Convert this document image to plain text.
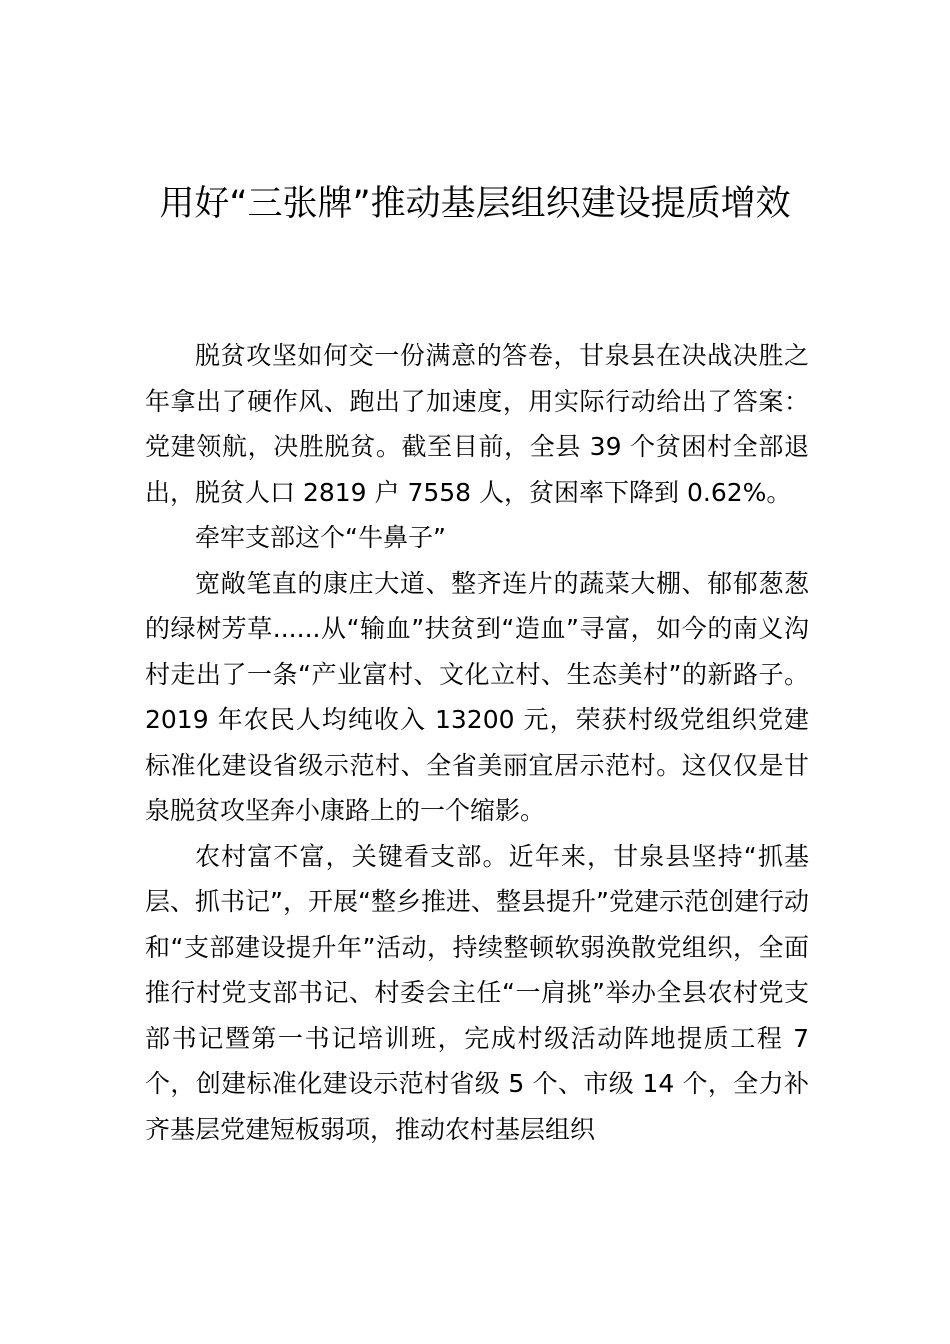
用好“三张牌”推动基层组织建设提质增效

脱贫攻坚如何交一份满意的答卷，甘泉县在决战决胜之年拿出了硬作风、跑出了加速度，用实际行动给出了答案：党建领航，决胜脱贫。截至目前，全县 39 个贫困村全部退出，脱贫人口 2819 户 7558 人，贫困率下降到 0.62%。

牵牢支部这个“牛鼻子”

宽敞笔直的康庄大道、整齐连片的蔬菜大棚、郁郁葱葱的绿树芳草......从“输血”扶贫到“造血”寻富，如今的南义沟村走出了一条“产业富村、文化立村、生态美村”的新路子。2019 年农民人均纯收入 13200 元，荣获村级党组织党建标准化建设省级示范村、全省美丽宜居示范村。这仅仅是甘泉脱贫攻坚奔小康路上的一个缩影。

农村富不富，关键看支部。近年来，甘泉县坚持“抓基层、抓书记”，开展“整乡推进、整县提升”党建示范创建行动和“支部建设提升年”活动，持续整顿软弱涣散党组织，全面推行村党支部书记、村委会主任“一肩挑”举办全县农村党支部书记暨第一书记培训班，完成村级活动阵地提质工程 7 个，创建标准化建设示范村省级 5 个、市级 14 个，全力补齐基层党建短板弱项，推动农村基层组织
